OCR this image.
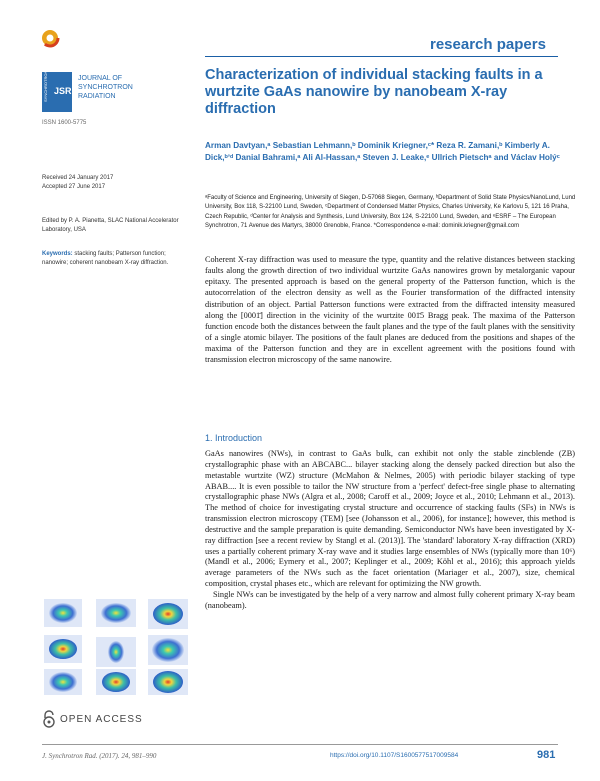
research papers
SYNCHROTRON JSR
JOURNAL OF
SYNCHROTRON
RADIATION
ISSN 1600-5775
Characterization of individual stacking faults in a wurtzite GaAs nanowire by nanobeam X-ray diffraction
Arman Davtyan,ᵃ Sebastian Lehmann,ᵇ Dominik Kriegner,ᶜ* Reza R. Zamani,ᵇ Kimberly A. Dick,ᵇʼᵈ Danial Bahrami,ᵃ Ali Al-Hassan,ᵃ Steven J. Leake,ᵉ Ullrich Pietschᵃ and Václav Holýᶜ
ᵃFaculty of Science and Engineering, University of Siegen, D-57068 Siegen, Germany, ᵇDepartment of Solid State Physics/NanoLund, Lund University, Box 118, S-22100 Lund, Sweden, ᶜDepartment of Condensed Matter Physics, Charles University, Ke Karlovu 5, 121 16 Praha, Czech Republic, ᵈCenter for Analysis and Synthesis, Lund University, Box 124, S-22100 Lund, Sweden, and ᵉESRF – The European Synchrotron, 71 Avenue des Martyrs, 38000 Grenoble, France. *Correspondence e-mail: dominik.kriegner@gmail.com
Received 24 January 2017
Accepted 27 June 2017
Edited by P. A. Pianetta, SLAC National Accelerator Laboratory, USA
Keywords: stacking faults; Patterson function; nanowire; coherent nanobeam X-ray diffraction.	Coherent X-ray diffraction was used to measure the type, quantity and the relative distances between stacking faults along the growth direction of two individual wurtzite GaAs nanowires grown by metalorganic vapour epitaxy. The presented approach is based on the general property of the Patterson function, which is the autocorrelation of the electron density as well as the Fourier transformation of the diffracted intensity distribution of an object. Partial Patterson functions were extracted from the diffracted intensity measured along the [0001̄] direction in the vicinity of the wurtzite 001̄5 Bragg peak. The maxima of the Patterson function encode both the distances between the fault planes and the type of the fault planes with the sensitivity of a single atomic bilayer. The positions of the fault planes are deduced from the positions and shapes of the maxima of the Patterson function and they are in excellent agreement with the positions found with transmission electron microscopy of the same nanowire.

1. Introduction

GaAs nanowires (NWs), in contrast to GaAs bulk, can exhibit not only the stable zincblende (ZB) crystallographic phase with an ABCABC... bilayer stacking along the densely packed direction but also the metastable wurtzite (WZ) structure (McMahon & Nelmes, 2005) with periodic bilayer stacking of type ABAB.... It is even possible to tailor the NW structure from a 'perfect' defect-free single phase to alternating crystallographic phase NWs (Algra et al., 2008; Caroff et al., 2009; Joyce et al., 2010; Lehmann et al., 2013). The method of choice for investigating crystal structure and occurrence of stacking faults (SFs) in NWs is transmission electron microscopy (TEM) [see (Johansson et al., 2006), for instance]; however, this method is destructive and the sample preparation is quite demanding. Semiconductor NWs have been investigated by X-ray diffraction [see a recent review by Stangl et al. (2013)]. The 'standard' laboratory X-ray diffraction (XRD) uses a partially coherent primary X-ray wave and it studies large ensembles of NWs (typically more than 10⁶) (Mandl et al., 2006; Eymery et al., 2007; Keplinger et al., 2009; Köhl et al., 2016); this approach yields average parameters of the NWs such as the facet orientation (Mariager et al., 2007), size, chemical composition, crystal phases etc., which are relevant for optimizing the NW growth.

Single NWs can be investigated by the help of a very narrow and almost fully coherent primary X-ray beam (nanobeam).

OPEN ACCESS
J. Synchrotron Rad. (2017). 24, 981–990	https://doi.org/10.1107/S1600577517009584	981
